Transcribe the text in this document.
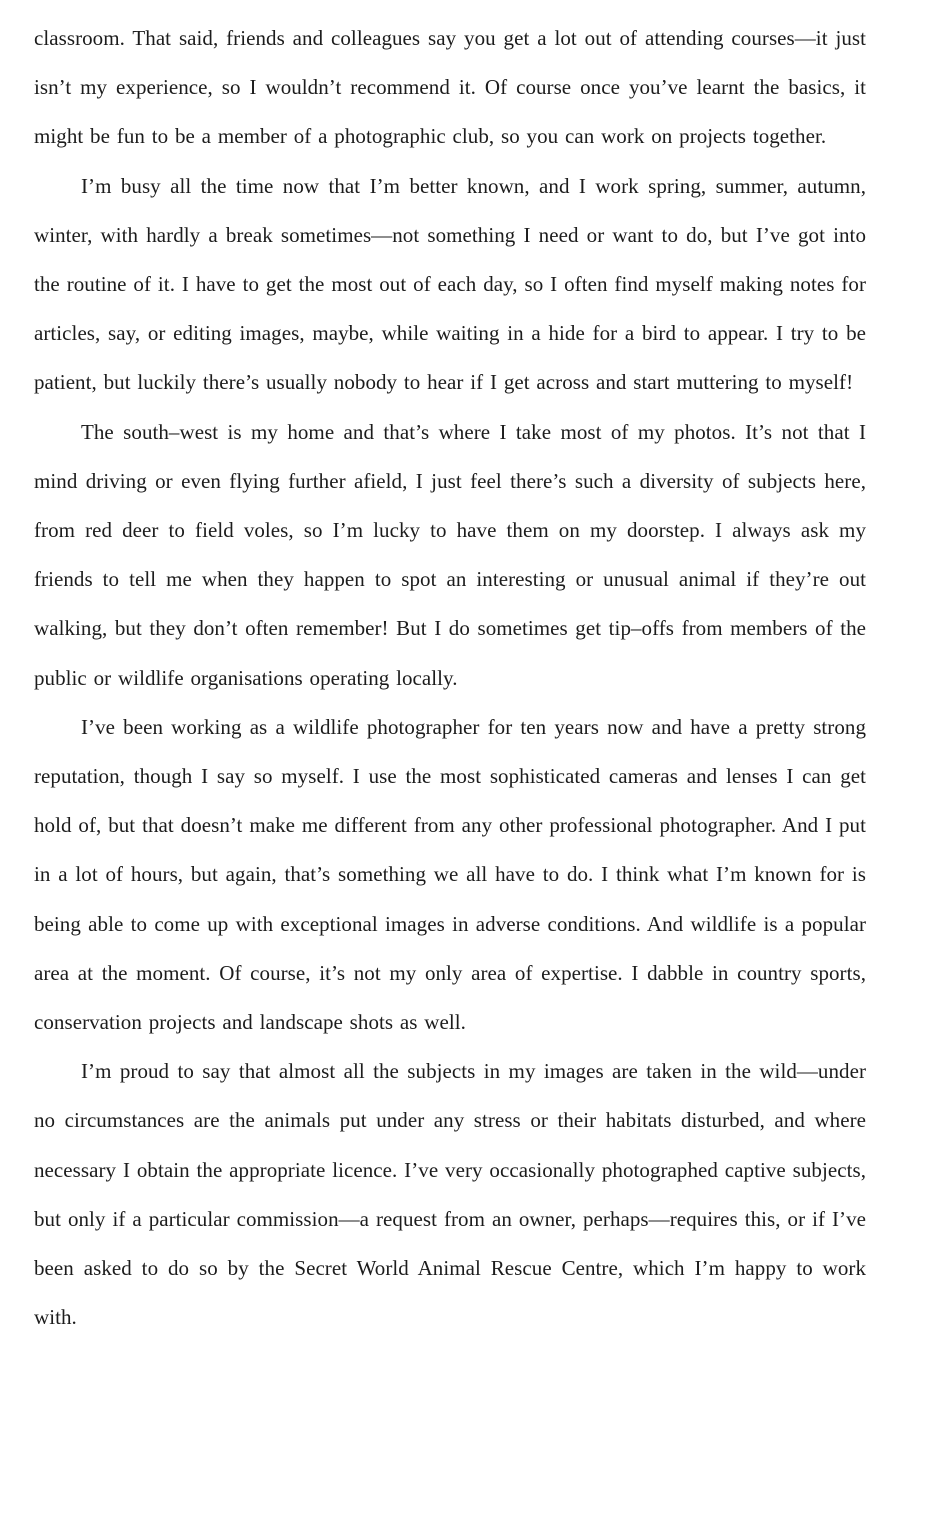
classroom. That said, friends and colleagues say you get a lot out of attending courses—it just isn’t my experience, so I wouldn’t recommend it. Of course once you’ve learnt the basics, it might be fun to be a member of a photographic club, so you can work on projects together.

I’m busy all the time now that I’m better known, and I work spring, summer, autumn, winter, with hardly a break sometimes—not something I need or want to do, but I’ve got into the routine of it. I have to get the most out of each day, so I often find myself making notes for articles, say, or editing images, maybe, while waiting in a hide for a bird to appear. I try to be patient, but luckily there’s usually nobody to hear if I get across and start muttering to myself!

The south–west is my home and that’s where I take most of my photos. It’s not that I mind driving or even flying further afield, I just feel there’s such a diversity of subjects here, from red deer to field voles, so I’m lucky to have them on my doorstep. I always ask my friends to tell me when they happen to spot an interesting or unusual animal if they’re out walking, but they don’t often remember! But I do sometimes get tip–offs from members of the public or wildlife organisations operating locally.

I’ve been working as a wildlife photographer for ten years now and have a pretty strong reputation, though I say so myself. I use the most sophisticated cameras and lenses I can get hold of, but that doesn’t make me different from any other professional photographer. And I put in a lot of hours, but again, that’s something we all have to do. I think what I’m known for is being able to come up with exceptional images in adverse conditions. And wildlife is a popular area at the moment. Of course, it’s not my only area of expertise. I dabble in country sports, conservation projects and landscape shots as well.

I’m proud to say that almost all the subjects in my images are taken in the wild—under no circumstances are the animals put under any stress or their habitats disturbed, and where necessary I obtain the appropriate licence. I’ve very occasionally photographed captive subjects, but only if a particular commission—a request from an owner, perhaps—requires this, or if I’ve been asked to do so by the Secret World Animal Rescue Centre, which I’m happy to work with.
